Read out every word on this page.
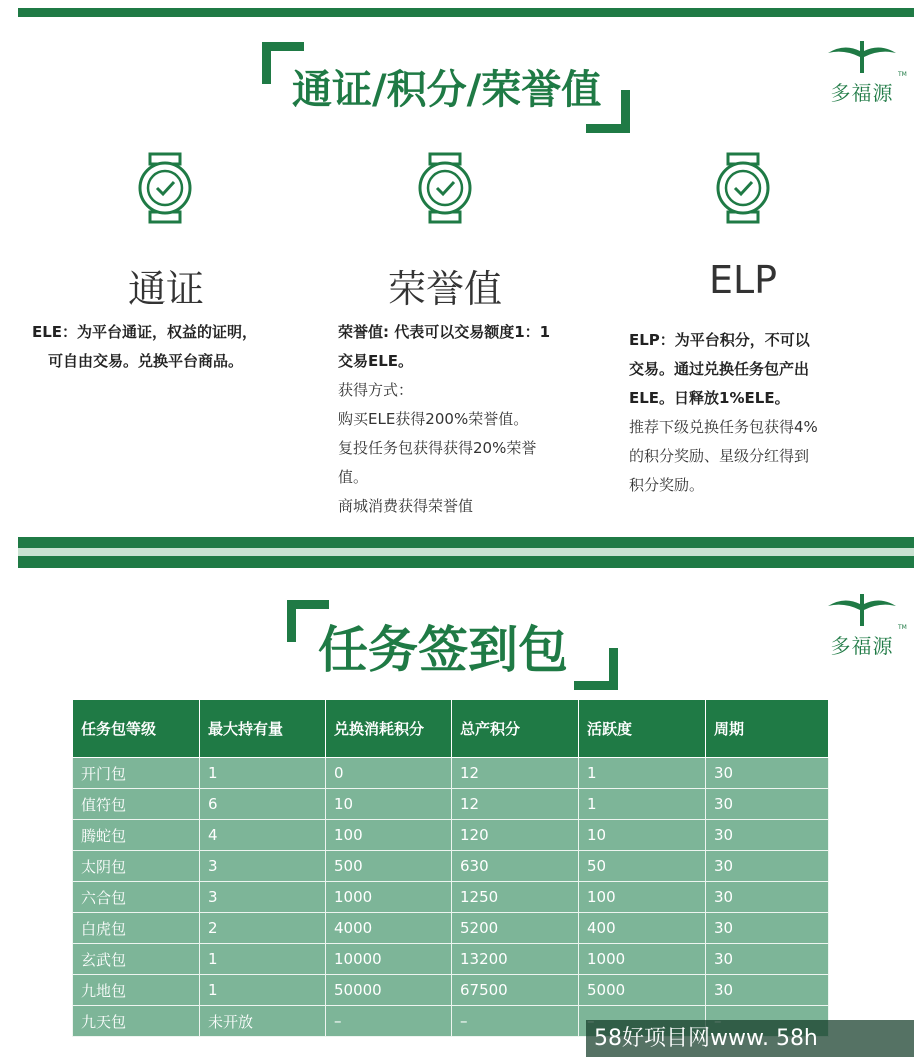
通证/积分/荣誉值	多福源
TM
通证	荣誉值	ELP
ELE：为平台通证，权益的证明，
可自由交易。兑换平台商品。
荣誉值: 代表可以交易额度1：1
交易ELE。
获得方式：
购买ELE获得200%荣誉值。
复投任务包获得获得20%荣誉
值。
商城消费获得荣誉值
ELP：为平台积分，不可以
交易。通过兑换任务包产出
ELE。日释放1%ELE。
推荐下级兑换任务包获得4%
的积分奖励、星级分红得到
积分奖励。
任务签到包	多福源
TM
任务包等级	最大持有量	兑换消耗积分	总产积分	活跃度	周期
开门包	1	0	12	1	30
值符包	6	10	12	1	30
腾蛇包	4	100	120	10	30
太阴包	3	500	630	50	30
六合包	3	1000	1250	100	30
白虎包	2	4000	5200	400	30
玄武包	1	10000	13200	1000	30
九地包	1	50000	67500	5000	30
九天包	未开放	–	–		
58好项目网www. 58h
